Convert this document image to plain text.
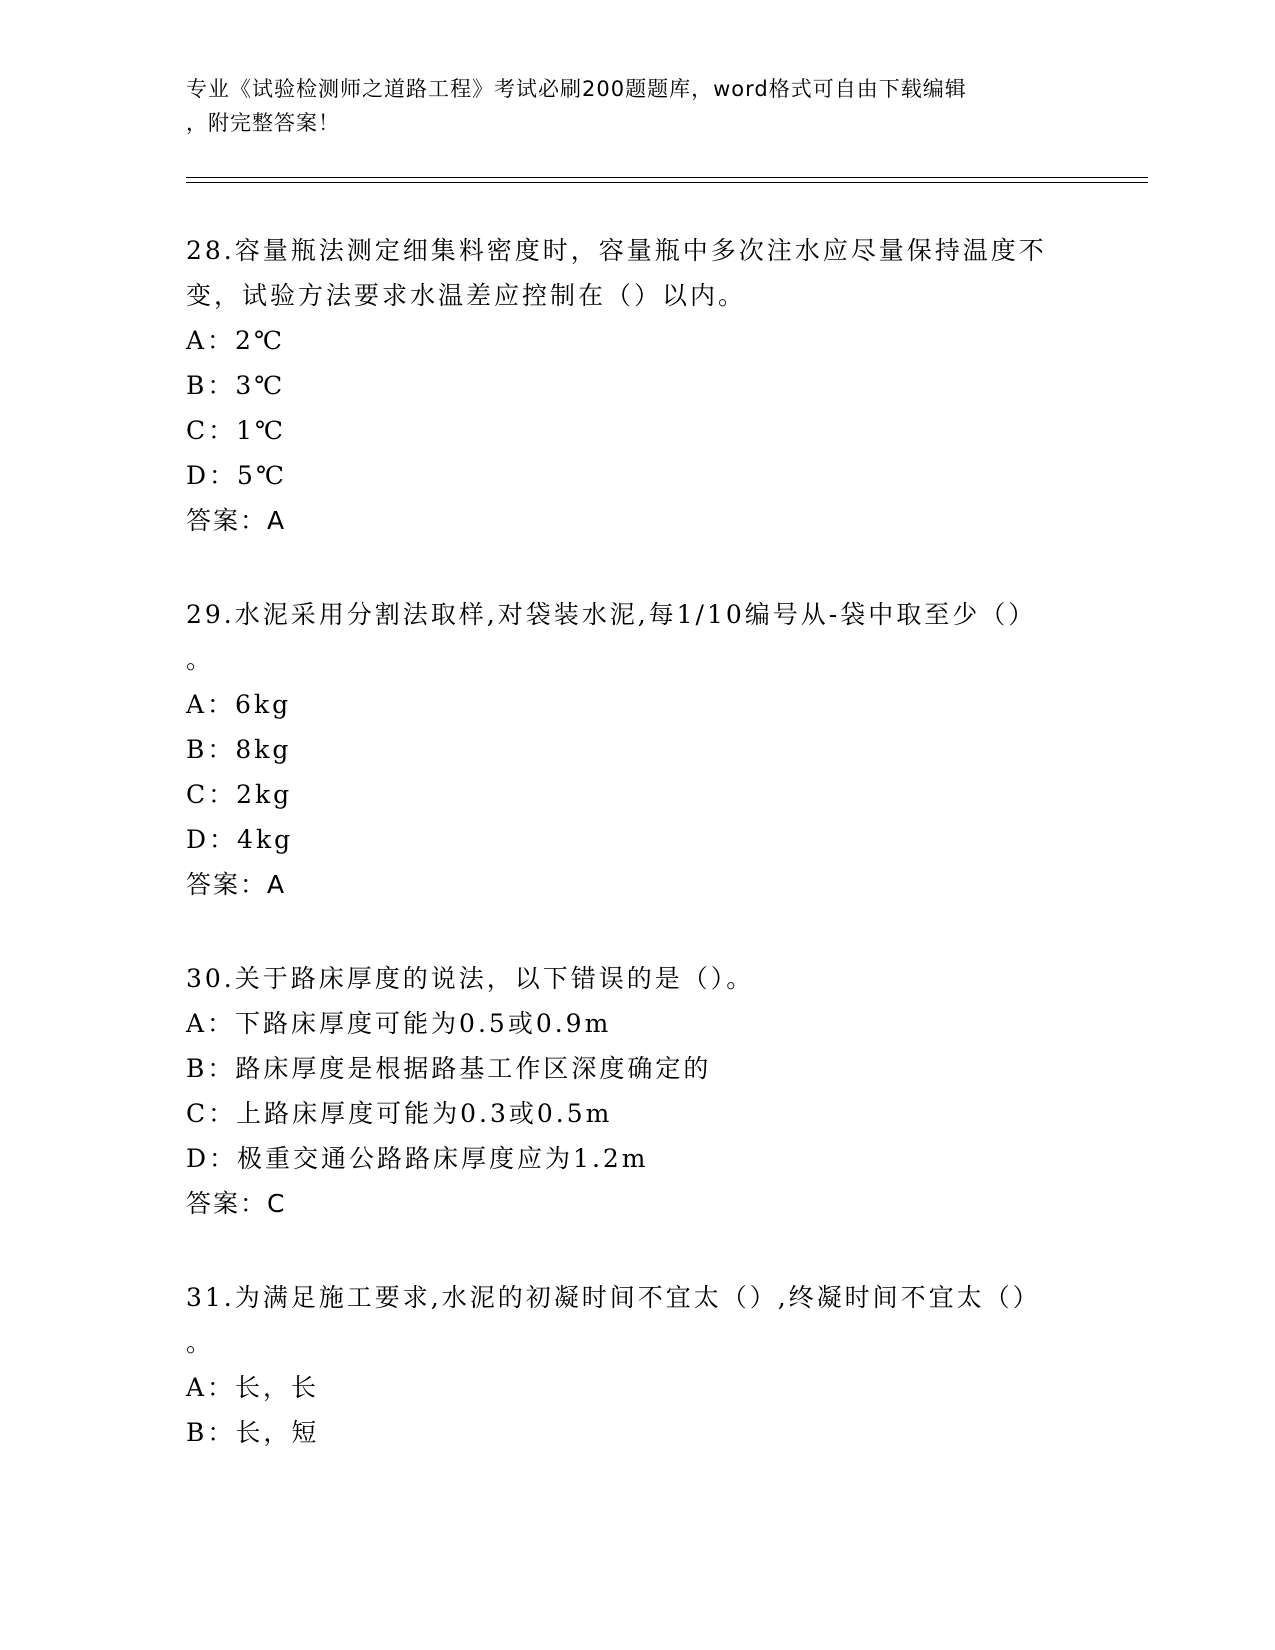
专业《试验检测师之道路工程》考试必刷200题题库，word格式可自由下载编辑
，附完整答案！
28.容量瓶法测定细集料密度时，容量瓶中多次注水应尽量保持温度不
变，试验方法要求水温差应控制在（）以内。
A：2℃
B：3℃
C：1℃
D：5℃
答案：A
29.水泥采用分割法取样,对袋装水泥,每1/10编号从-袋中取至少（）
。
A：6kg
B：8kg
C：2kg
D：4kg
答案：A
30.关于路床厚度的说法，以下错误的是（）。
A：下路床厚度可能为0.5或0.9m
B：路床厚度是根据路基工作区深度确定的
C：上路床厚度可能为0.3或0.5m
D：极重交通公路路床厚度应为1.2m
答案：C
31.为满足施工要求,水泥的初凝时间不宜太（）,终凝时间不宜太（）
。
A：长，长
B：长，短
